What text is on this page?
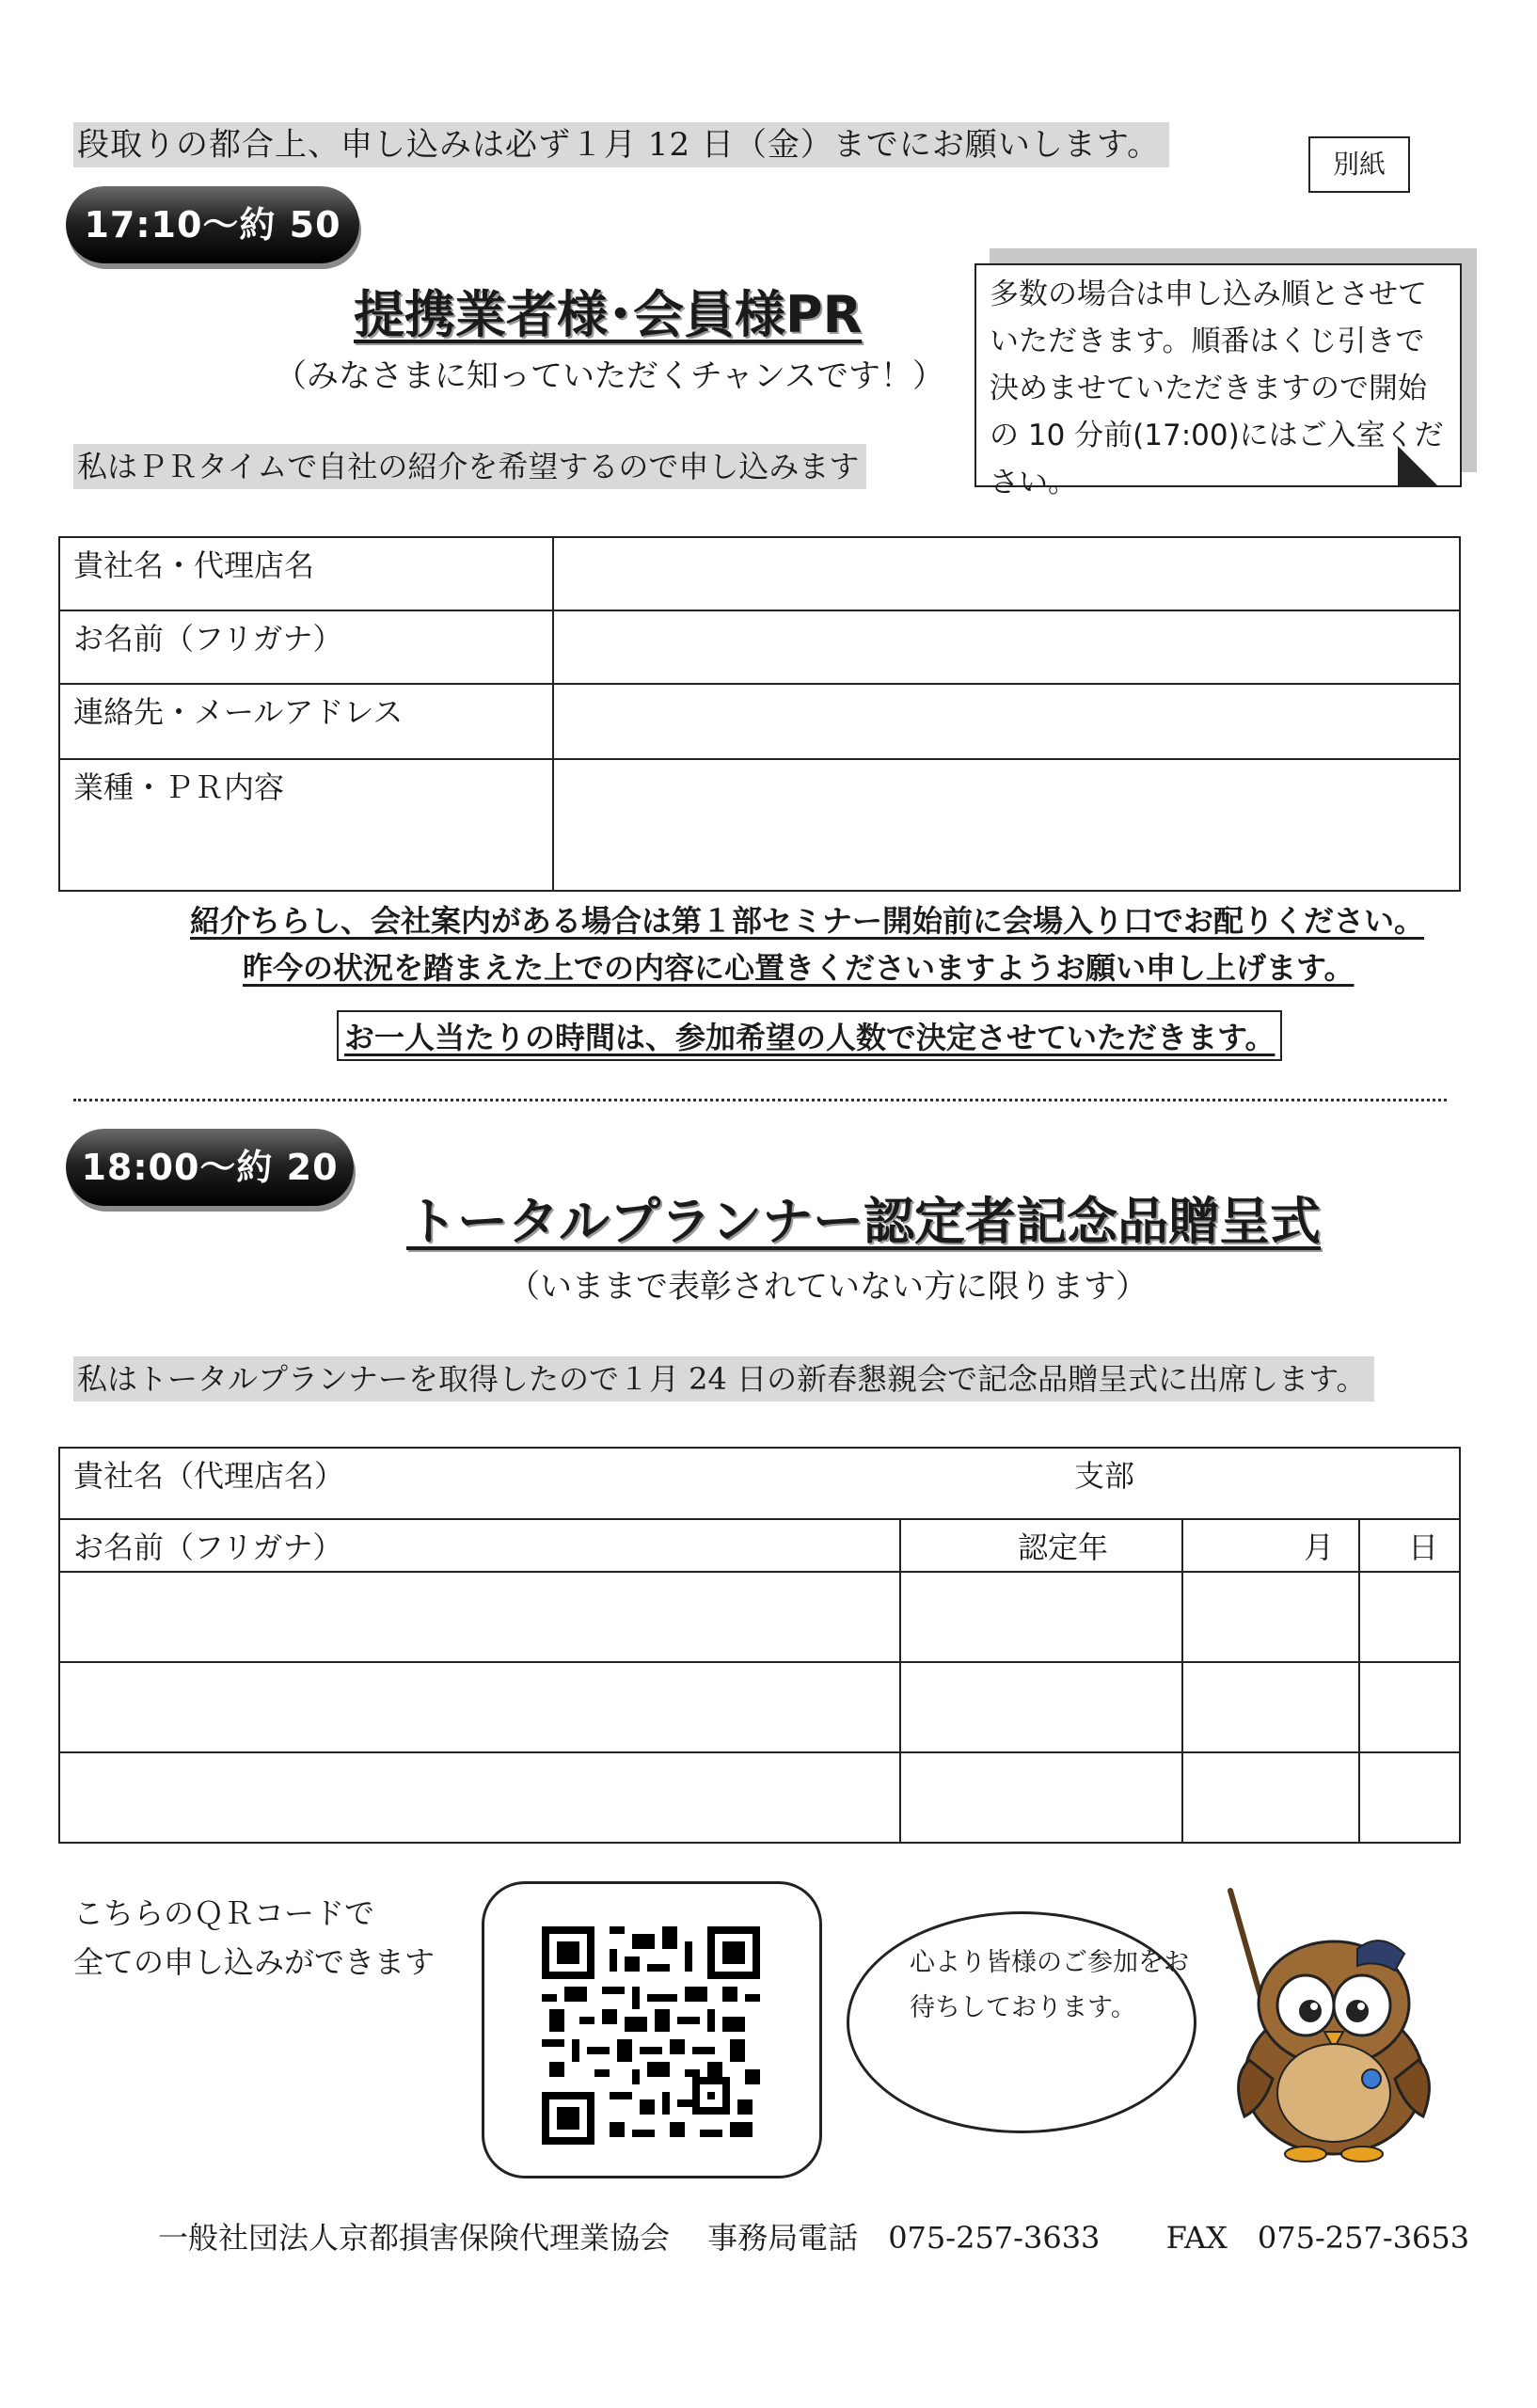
段取りの都合上、申し込みは必ず１月 12 日（金）までにお願いします。
別紙
17:10～約 50 分	提携業者様･会員様PR
（みなさまに知っていただくチャンスです！）
私はＰＲタイムで自社の紹介を希望するので申し込みます
多数の場合は申し込み順とさせていただきます。順番はくじ引きで決めませていただきますので開始の 10 分前(17:00)にはご入室ください。
貴社名・代理店名	
お名前（フリガナ）	
連絡先・メールアドレス	
業種・ＰＲ内容	
紹介ちらし、会社案内がある場合は第１部セミナー開始前に会場入り口でお配りください。
昨今の状況を踏まえた上での内容に心置きくださいますようお願い申し上げます。
お一人当たりの時間は、参加希望の人数で決定させていただきます。
18:00～約 20 分	トータルプランナー認定者記念品贈呈式
（いままで表彰されていない方に限ります）
私はトータルプランナーを取得したので１月 24 日の新春懇親会で記念品贈呈式に出席します。
貴社名（代理店名） 支部			

お名前（フリガナ）	認定年	月	日

こちらのＱＲコードで
全ての申し込みができます	心より皆様のご参加をお待ちしております。
一般社団法人京都損害保険代理業協会 事務局電話　075-257-3633 FAX　075-257-3653
